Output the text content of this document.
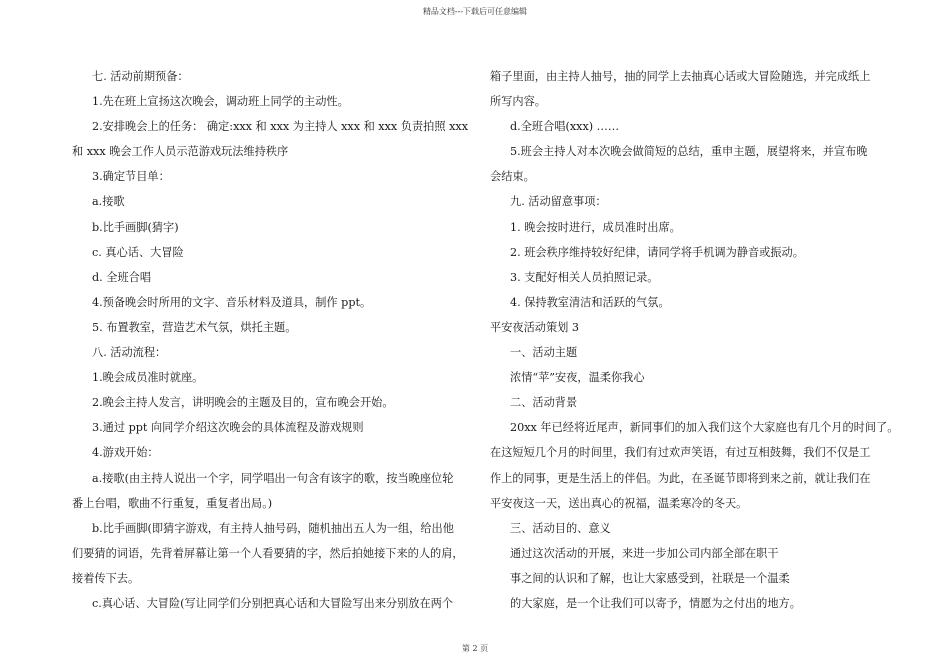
精品文档---下载后可任意编辑
七. 活动前期预备：
1.先在班上宣扬这次晚会，调动班上同学的主动性。
2.安排晚会上的任务： 确定:xxx 和 xxx 为主持人 xxx 和 xxx 负责拍照 xxx
和 xxx 晚会工作人员示范游戏玩法维持秩序
3.确定节目单：
a.接歌
b.比手画脚(猜字)
c. 真心话、大冒险
d. 全班合唱
4.预备晚会时所用的文字、音乐材料及道具，制作 ppt。
5. 布置教室，营造艺术气氛，烘托主题。
八. 活动流程：
1.晚会成员准时就座。
2.晚会主持人发言，讲明晚会的主题及目的，宣布晚会开始。
3.通过 ppt 向同学介绍这次晚会的具体流程及游戏规则
4.游戏开始：
a.接歌(由主持人说出一个字，同学唱出一句含有该字的歌，按当晚座位轮
番上台唱，歌曲不行重复，重复者出局。)
b.比手画脚(即猜字游戏，有主持人抽号码，随机抽出五人为一组，给出他
们要猜的词语，先背着屏幕让第一个人看要猜的字，然后拍她接下来的人的肩，
接着传下去。
c.真心话、大冒险(写让同学们分别把真心话和大冒险写出来分别放在两个
箱子里面，由主持人抽号，抽的同学上去抽真心话或大冒险随选，并完成纸上
所写内容。
d.全班合唱(xxx) ……
5.班会主持人对本次晚会做简短的总结，重申主题，展望将来，并宣布晚
会结束。
九. 活动留意事项：
1. 晚会按时进行，成员准时出席。
2. 班会秩序维持较好纪律，请同学将手机调为静音或振动。
3. 支配好相关人员拍照记录。
4. 保持教室清洁和活跃的气氛。
平安夜活动策划 3
一、活动主题
浓情“苹”安夜，温柔你我心
二、活动背景
20xx 年已经将近尾声，新同事们的加入我们这个大家庭也有几个月的时间了。
在这短短几个月的时间里，我们有过欢声笑语，有过互相鼓舞，我们不仅是工
作上的同事，更是生活上的伴侣。为此，在圣诞节即将到来之前，就让我们在
平安夜这一天，送出真心的祝福，温柔寒冷的冬天。
三、活动目的、意义
通过这次活动的开展，来进一步加公司内部全部在职干
事之间的认识和了解，也让大家感受到，社联是一个温柔
的大家庭，是一个让我们可以寄予，情愿为之付出的地方。
第 2 页
